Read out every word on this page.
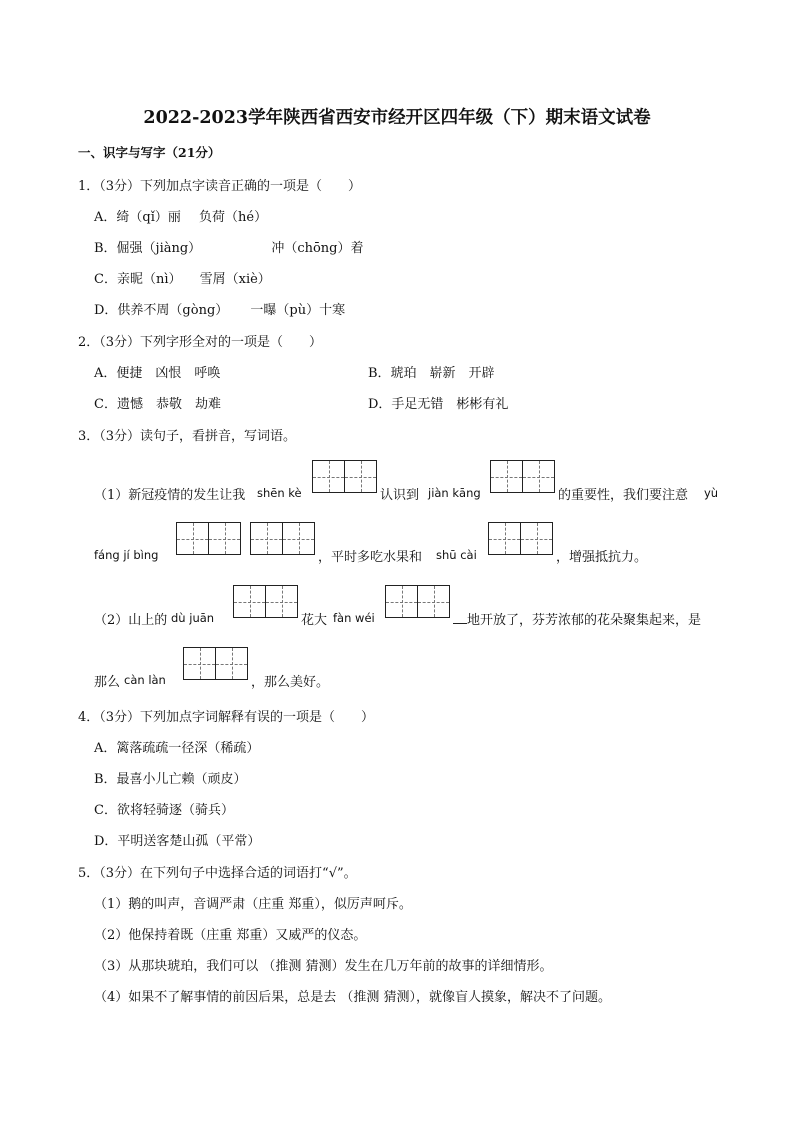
2022-2023学年陕西省西安市经开区四年级（下）期末语文试卷
一、识字与写字（21分）
1．（3分）下列加点字读音正确的一项是（　　）
A．绮（qǐ）丽 负荷（hé）
B．倔强（jiàng）	冲（chōng）着
C．亲昵（nì） 雪屑（xiè）
D．供养不周（gòng） 一曝（pù）十寒
2．（3分）下列字形全对的一项是（　　）
A．便捷　凶恨　呼唤	B．琥珀　崭新　开辟
C．遗憾　恭敬　劫难	D．手足无错　彬彬有礼
3．（3分）读句子，看拼音，写词语。
（1）新冠疫情的发生让我 shēn kè	认识到 jiàn kāng	的重要性，我们要注意 yù
fáng jí bìng	，平时多吃水果和 shū cài	，增强抵抗力。
（2）山上的 dù juān	花大 fàn wéi	地开放了，芬芳浓郁的花朵聚集起来，是
那么 càn làn	，那么美好。
4．（3分）下列加点字词解释有误的一项是（　　）
A．篱落疏疏一径深（稀疏）
B．最喜小儿亡赖（顽皮）
C．欲将轻骑逐（骑兵）
D．平明送客楚山孤（平常）
5．（3分）在下列句子中选择合适的词语打“√”。
（1）鹅的叫声，音调严肃（庄重 郑重），似厉声呵斥。
（2）他保持着既（庄重 郑重）又威严的仪态。
（3）从那块琥珀，我们可以 （推测 猜测）发生在几万年前的故事的详细情形。
（4）如果不了解事情的前因后果，总是去 （推测 猜测），就像盲人摸象，解决不了问题。
